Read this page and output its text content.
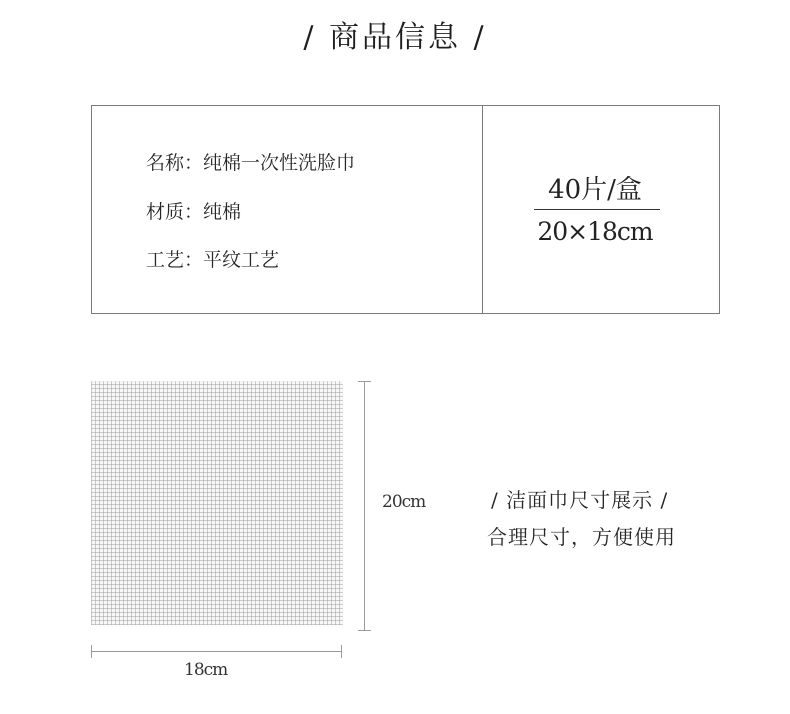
/ 商品信息 /
名称：纯棉一次性洗脸巾
材质：纯棉
工艺：平纹工艺
40片/盒
20×18cm
20cm
18cm
/ 洁面巾尺寸展示 /
合理尺寸，方便使用
